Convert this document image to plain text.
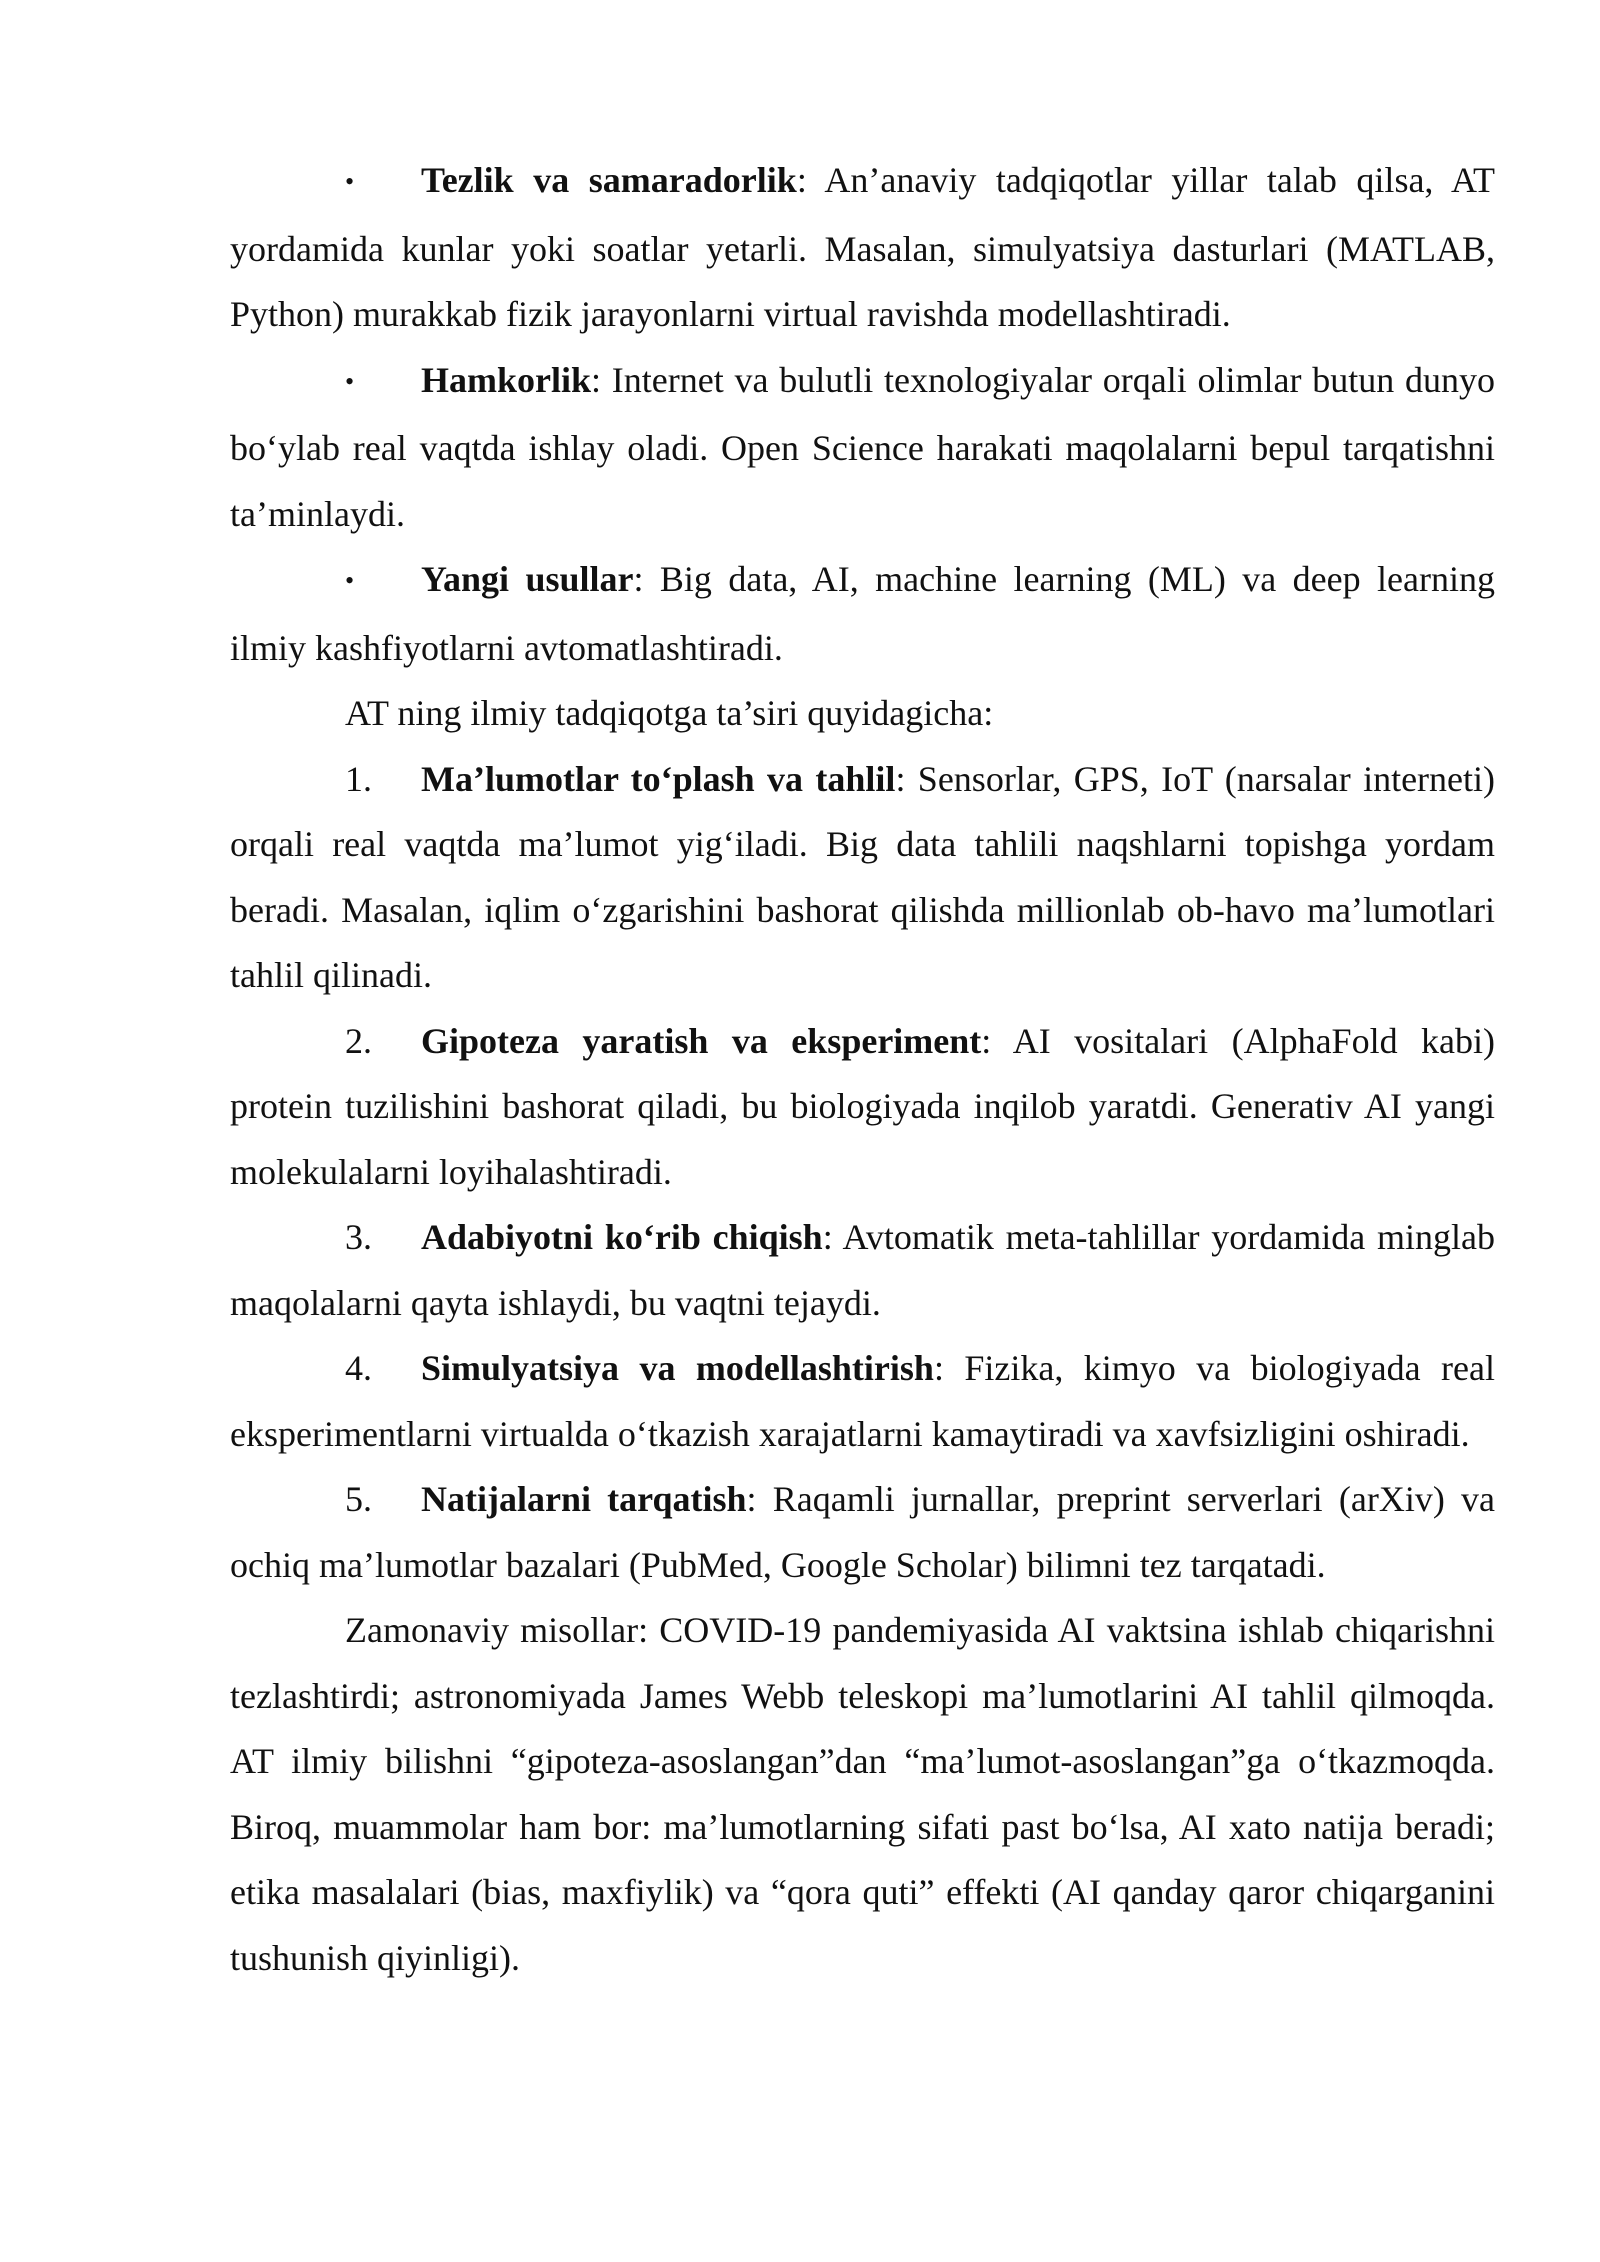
• Tezlik va samaradorlik: An’anaviy tadqiqotlar yillar talab qilsa, AT yordamida kunlar yoki soatlar yetarli. Masalan, simulyatsiya dasturlari (MATLAB, Python) murakkab fizik jarayonlarni virtual ravishda modellashtiradi.

• Hamkorlik: Internet va bulutli texnologiyalar orqali olimlar butun dunyo bo‘ylab real vaqtda ishlay oladi. Open Science harakati maqolalarni bepul tarqatishni ta’minlaydi.

• Yangi usullar: Big data, AI, machine learning (ML) va deep learning ilmiy kashfiyotlarni avtomatlashtiradi.

AT ning ilmiy tadqiqotga ta’siri quyidagicha:

1. Ma’lumotlar to‘plash va tahlil: Sensorlar, GPS, IoT (narsalar interneti) orqali real vaqtda ma’lumot yig‘iladi. Big data tahlili naqshlarni topishga yordam beradi. Masalan, iqlim o‘zgarishini bashorat qilishda millionlab ob-havo ma’lumotlari tahlil qilinadi.

2. Gipoteza yaratish va eksperiment: AI vositalari (AlphaFold kabi) protein tuzilishini bashorat qiladi, bu biologiyada inqilob yaratdi. Generativ AI yangi molekulalarni loyihalashtiradi.

3. Adabiyotni ko‘rib chiqish: Avtomatik meta-tahlillar yordamida minglab maqolalarni qayta ishlaydi, bu vaqtni tejaydi.

4. Simulyatsiya va modellashtirish: Fizika, kimyo va biologiyada real eksperimentlarni virtualda o‘tkazish xarajatlarni kamaytiradi va xavfsizligini oshiradi.

5. Natijalarni tarqatish: Raqamli jurnallar, preprint serverlari (arXiv) va ochiq ma’lumotlar bazalari (PubMed, Google Scholar) bilimni tez tarqatadi.

Zamonaviy misollar: COVID-19 pandemiyasida AI vaktsina ishlab chiqarishni tezlashtirdi; astronomiyada James Webb teleskopi ma’lumotlarini AI tahlil qilmoqda. AT ilmiy bilishni “gipoteza-asoslangan”dan “ma’lumot-asoslangan”ga o‘tkazmoqda. Biroq, muammolar ham bor: ma’lumotlarning sifati past bo‘lsa, AI xato natija beradi; etika masalalari (bias, maxfiylik) va “qora quti” effekti (AI qanday qaror chiqarganini tushunish qiyinligi).
